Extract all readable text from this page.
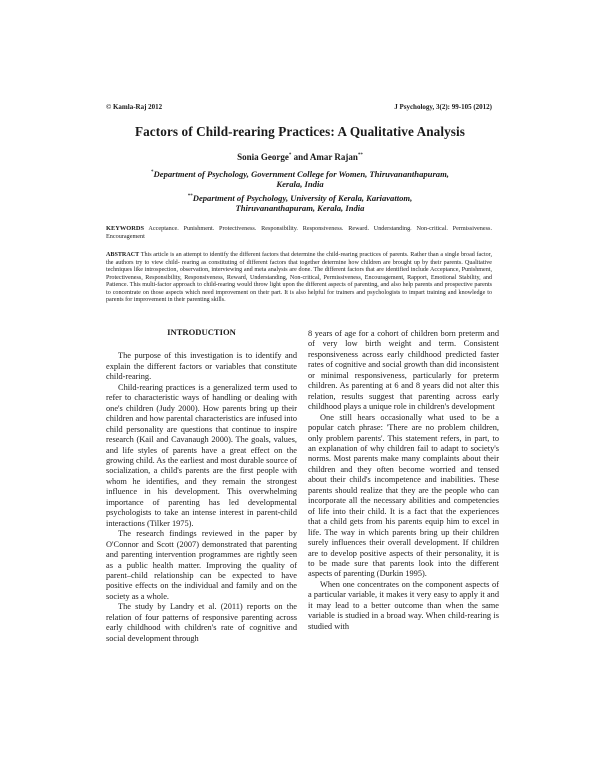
© Kamla-Raj 2012	J Psychology, 3(2): 99-105 (2012)
Factors of Child-rearing Practices: A Qualitative Analysis
Sonia George* and Amar Rajan**
*Department of Psychology, Government College for Women, Thiruvananthapuram, Kerala, India
**Department of Psychology, University of Kerala, Kariavattom, Thiruvananthapuram, Kerala, India
KEYWORDS Acceptance. Punishment. Protectiveness. Responsibility. Responsiveness. Reward. Understanding. Non-critical. Permissiveness. Encouragement
ABSTRACT This article is an attempt to identify the different factors that determine the child-rearing practices of parents. Rather than a single broad factor, the authors try to view child- rearing as constituting of different factors that together determine how children are brought up by their parents. Qualitative techniques like introspection, observation, interviewing and meta analysis are done. The different factors that are identified include Acceptance, Punishment, Protectiveness, Responsibility, Responsiveness, Reward, Understanding, Non-critical, Permissiveness, Encouragement, Rapport, Emotional Stability, and Patience. This multi-factor approach to child-rearing would throw light upon the different aspects of parenting, and also help parents and prospective parents to concentrate on those aspects which need improvement on their part. It is also helpful for trainers and psychologists to impart training and knowledge to parents for improvement in their parenting skills.
INTRODUCTION

The purpose of this investigation is to identify and explain the different factors or variables that constitute child-rearing.

Child-rearing practices is a generalized term used to refer to characteristic ways of handling or dealing with one's children (Judy 2000). How parents bring up their children and how parental characteristics are infused into child personality are questions that continue to inspire research (Kail and Cavanaugh 2000). The goals, values, and life styles of parents have a great effect on the growing child. As the earliest and most durable source of socialization, a child's parents are the first people with whom he identifies, and they remain the strongest influence in his development. This overwhelming importance of parenting has led developmental psychologists to take an intense interest in parent-child interactions (Tilker 1975).

The research findings reviewed in the paper by O'Connor and Scott (2007) demonstrated that parenting and parenting intervention programmes are rightly seen as a public health matter. Improving the quality of parent–child relationship can be expected to have positive effects on the individual and family and on the society as a whole.

The study by Landry et al. (2011) reports on the relation of four patterns of responsive parenting across early childhood with children's rate of cognitive and social development through

8 years of age for a cohort of children born preterm and of very low birth weight and term. Consistent responsiveness across early childhood predicted faster rates of cognitive and social growth than did inconsistent or minimal responsiveness, particularly for preterm children. As parenting at 6 and 8 years did not alter this relation, results suggest that parenting across early childhood plays a unique role in children's development

One still hears occasionally what used to be a popular catch phrase: 'There are no problem children, only problem parents'. This statement refers, in part, to an explanation of why children fail to adapt to society's norms. Most parents make many complaints about their children and they often become worried and tensed about their child's incompetence and inabilities. These parents should realize that they are the people who can incorporate all the necessary abilities and competencies of life into their child. It is a fact that the experiences that a child gets from his parents equip him to excel in life. The way in which parents bring up their children surely influences their overall development. If children are to develop positive aspects of their personality, it is to be made sure that parents look into the different aspects of parenting (Durkin 1995).

When one concentrates on the component aspects of a particular variable, it makes it very easy to apply it and it may lead to a better outcome than when the same variable is studied in a broad way. When child-rearing is studied with
